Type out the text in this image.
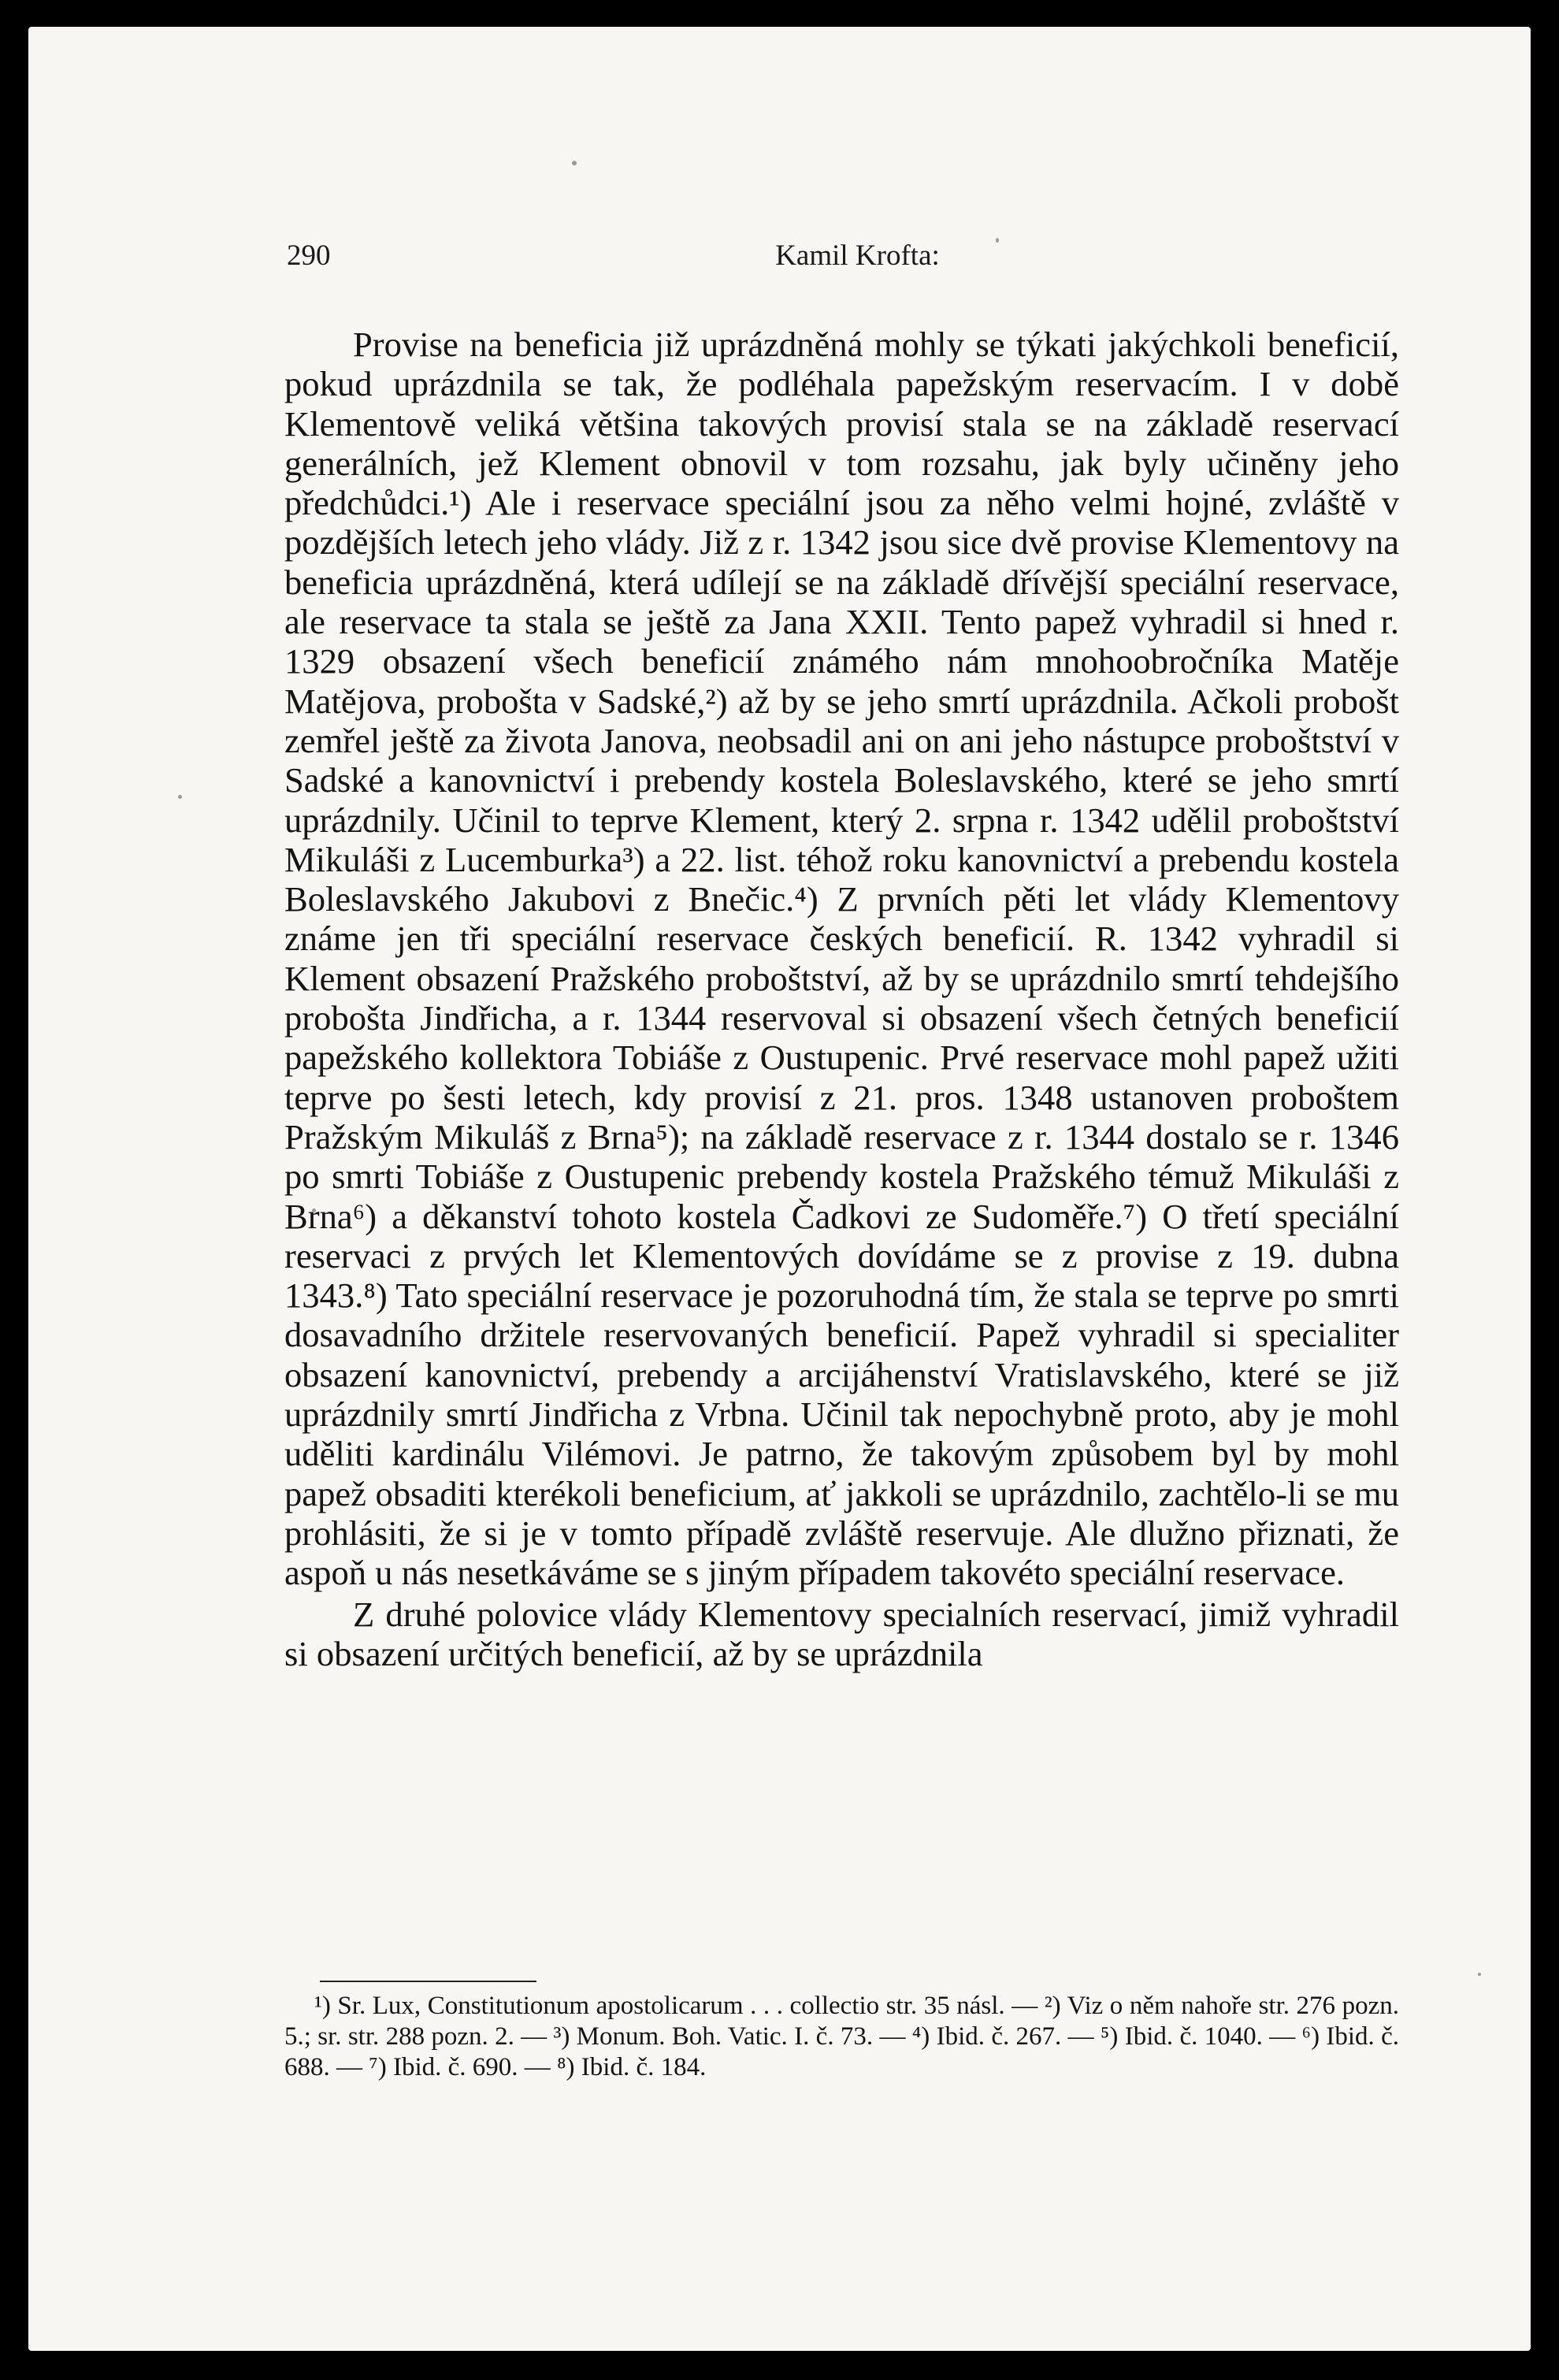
290	Kamil Krofta:

Provise na beneficia již uprázdněná mohly se týkati jakýchkoli beneficií, pokud uprázdnila se tak, že podléhala papežským reservacím. I v době Klementově veliká většina takových provisí stala se na základě reservací generálních, jež Klement obnovil v tom rozsahu, jak byly učiněny jeho předchůdci.¹) Ale i reservace speciální jsou za něho velmi hojné, zvláště v pozdějších letech jeho vlády. Již z r. 1342 jsou sice dvě provise Klementovy na beneficia uprázdněná, která udílejí se na základě dřívější speciální reservace, ale reservace ta stala se ještě za Jana XXII. Tento papež vyhradil si hned r. 1329 obsazení všech beneficií známého nám mnohoobročníka Matěje Matějova, probošta v Sadské,²) až by se jeho smrtí uprázdnila. Ačkoli probošt zemřel ještě za života Janova, neobsadil ani on ani jeho nástupce proboštství v Sadské a kanovnictví i prebendy kostela Boleslavského, které se jeho smrtí uprázdnily. Učinil to teprve Klement, který 2. srpna r. 1342 udělil proboštství Mikuláši z Lucemburka³) a 22. list. téhož roku kanovnictví a prebendu kostela Boleslavského Jakubovi z Bnečic.⁴) Z prvních pěti let vlády Klementovy známe jen tři speciální reservace českých beneficií. R. 1342 vyhradil si Klement obsazení Pražského proboštství, až by se uprázdnilo smrtí tehdejšího probošta Jindřicha, a r. 1344 reservoval si obsazení všech četných beneficií papežského kollektora Tobiáše z Oustupenic. Prvé reservace mohl papež užiti teprve po šesti letech, kdy provisí z 21. pros. 1348 ustanoven proboštem Pražským Mikuláš z Brna⁵); na základě reservace z r. 1344 dostalo se r. 1346 po smrti Tobiáše z Oustupenic prebendy kostela Pražského témuž Mikuláši z Brna⁶) a děkanství tohoto kostela Čadkovi ze Sudoměře.⁷) O třetí speciální reservaci z prvých let Klementových dovídáme se z provise z 19. dubna 1343.⁸) Tato speciální reservace je pozoruhodná tím, že stala se teprve po smrti dosavadního držitele reservovaných beneficií. Papež vyhradil si specialiter obsazení kanovnictví, prebendy a arcijáhenství Vratislavského, které se již uprázdnily smrtí Jindřicha z Vrbna. Učinil tak nepochybně proto, aby je mohl uděliti kardinálu Vilémovi. Je patrno, že takovým způsobem byl by mohl papež obsaditi kterékoli beneficium, ať jakkoli se uprázdnilo, zachtělo-li se mu prohlásiti, že si je v tomto případě zvláště reservuje. Ale dlužno přiznati, že aspoň u nás nesetkáváme se s jiným případem takovéto speciální reservace.

Z druhé polovice vlády Klementovy specialních reservací, jimiž vyhradil si obsazení určitých beneficií, až by se uprázdnila

¹) Sr. Lux, Constitutionum apostolicarum . . . collectio str. 35 násl. — ²) Viz o něm nahoře str. 276 pozn. 5.; sr. str. 288 pozn. 2. — ³) Monum. Boh. Vatic. I. č. 73. — ⁴) Ibid. č. 267. — ⁵) Ibid. č. 1040. — ⁶) Ibid. č. 688. — ⁷) Ibid. č. 690. — ⁸) Ibid. č. 184.
